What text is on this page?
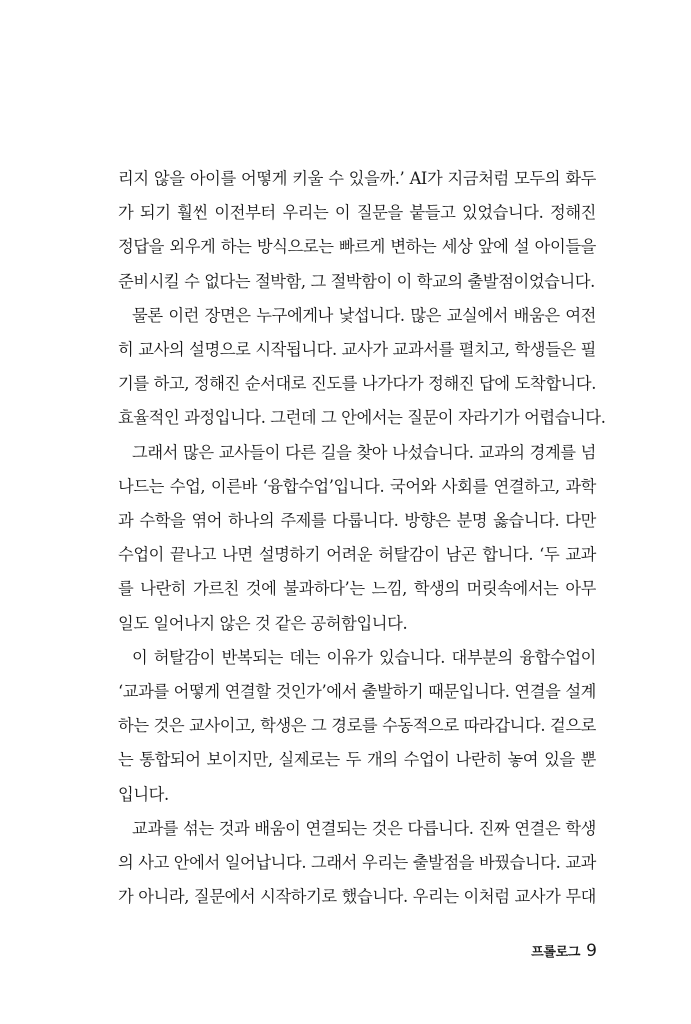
리지 않을 아이를 어떻게 키울 수 있을까.’ AI가 지금처럼 모두의 화두
가 되기 훨씬 이전부터 우리는 이 질문을 붙들고 있었습니다. 정해진
정답을 외우게 하는 방식으로는 빠르게 변하는 세상 앞에 설 아이들을
준비시킬 수 없다는 절박함, 그 절박함이 이 학교의 출발점이었습니다.
물론 이런 장면은 누구에게나 낯섭니다. 많은 교실에서 배움은 여전
히 교사의 설명으로 시작됩니다. 교사가 교과서를 펼치고, 학생들은 필
기를 하고, 정해진 순서대로 진도를 나가다가 정해진 답에 도착합니다.
효율적인 과정입니다. 그런데 그 안에서는 질문이 자라기가 어렵습니다.
그래서 많은 교사들이 다른 길을 찾아 나섰습니다. 교과의 경계를 넘
나드는 수업, 이른바 ‘융합수업’입니다. 국어와 사회를 연결하고, 과학
과 수학을 엮어 하나의 주제를 다룹니다. 방향은 분명 옳습니다. 다만
수업이 끝나고 나면 설명하기 어려운 허탈감이 남곤 합니다. ‘두 교과
를 나란히 가르친 것에 불과하다’는 느낌, 학생의 머릿속에서는 아무
일도 일어나지 않은 것 같은 공허함입니다.
이 허탈감이 반복되는 데는 이유가 있습니다. 대부분의 융합수업이
‘교과를 어떻게 연결할 것인가’에서 출발하기 때문입니다. 연결을 설계
하는 것은 교사이고, 학생은 그 경로를 수동적으로 따라갑니다. 겉으로
는 통합되어 보이지만, 실제로는 두 개의 수업이 나란히 놓여 있을 뿐
입니다.
교과를 섞는 것과 배움이 연결되는 것은 다릅니다. 진짜 연결은 학생
의 사고 안에서 일어납니다. 그래서 우리는 출발점을 바꿨습니다. 교과
가 아니라, 질문에서 시작하기로 했습니다. 우리는 이처럼 교사가 무대
프롤로그 9
